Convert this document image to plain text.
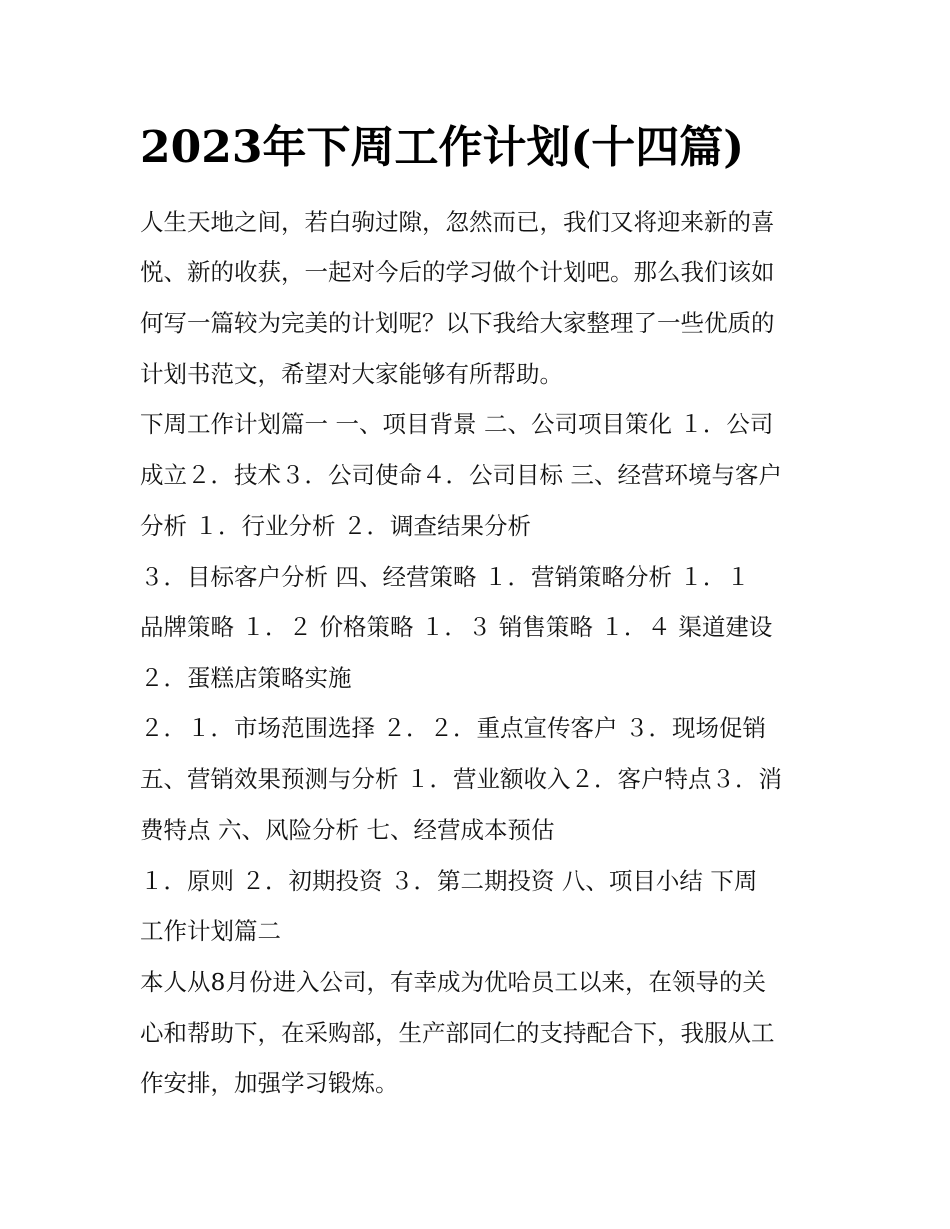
2023年下周工作计划(十四篇)

人生天地之间，若白驹过隙，忽然而已，我们又将迎来新的喜

悦、新的收获，一起对今后的学习做个计划吧。那么我们该如

何写一篇较为完美的计划呢？以下我给大家整理了一些优质的

计划书范文，希望对大家能够有所帮助。

下周工作计划篇一 一、项目背景 二、公司项目策化 １．公司

成立２．技术３．公司使命４．公司目标 三、经营环境与客户

分析 １．行业分析 ２．调查结果分析

３．目标客户分析 四、经营策略 １．营销策略分析 １．１

品牌策略 １．２ 价格策略 １．３ 销售策略 １．４ 渠道建设

２．蛋糕店策略实施

２．１．市场范围选择 ２．２．重点宣传客户 ３．现场促销

五、营销效果预测与分析 １．营业额收入２．客户特点３．消

费特点 六、风险分析 七、经营成本预估

１．原则 ２．初期投资 ３．第二期投资 八、项目小结 下周

工作计划篇二

本人从8月份进入公司，有幸成为优哈员工以来，在领导的关

心和帮助下，在采购部，生产部同仁的支持配合下，我服从工

作安排，加强学习锻炼。
